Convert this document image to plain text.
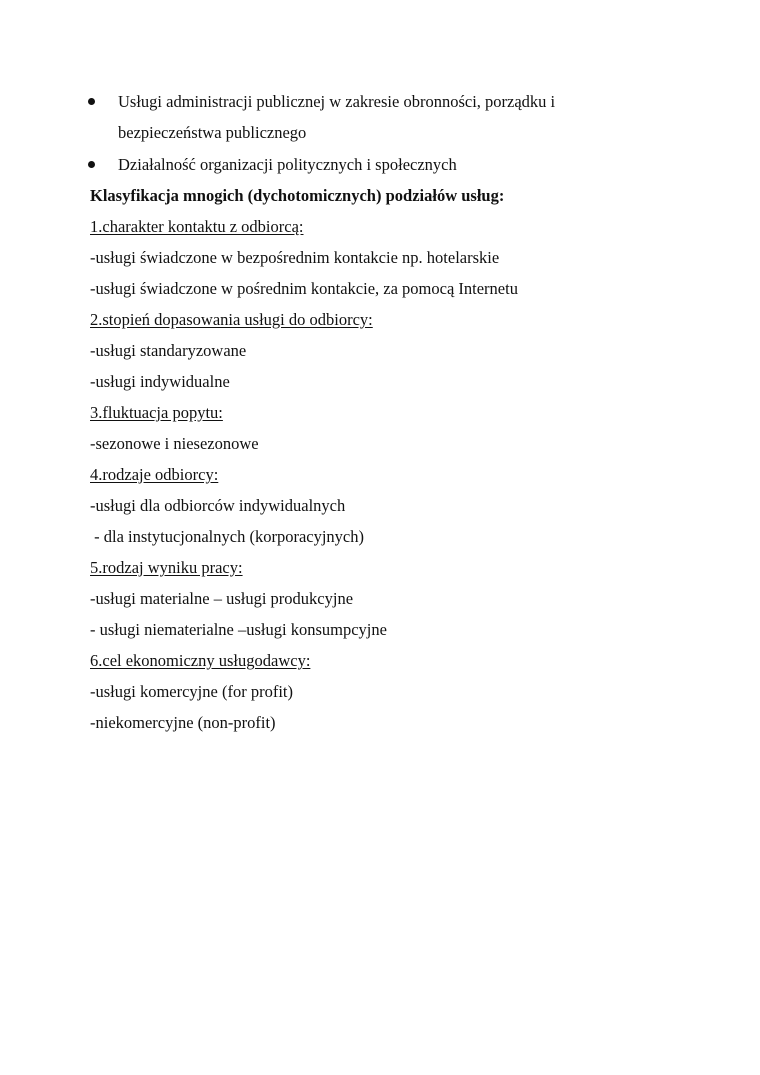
Usługi administracji publicznej w zakresie obronności, porządku i
bezpieczeństwa publicznego
Działalność organizacji politycznych i społecznych
Klasyfikacja mnogich (dychotomicznych) podziałów usług:
1.charakter kontaktu z odbiorcą:
-usługi świadczone w bezpośrednim kontakcie np. hotelarskie
-usługi świadczone w pośrednim kontakcie, za pomocą Internetu
2.stopień dopasowania usługi do odbiorcy:
-usługi standaryzowane
-usługi indywidualne
3.fluktuacja popytu:
-sezonowe i niesezonowe
4.rodzaje odbiorcy:
-usługi dla odbiorców indywidualnych
- dla instytucjonalnych (korporacyjnych)
5.rodzaj wyniku pracy:
-usługi materialne – usługi produkcyjne
- usługi niematerialne –usługi konsumpcyjne
6.cel ekonomiczny usługodawcy:
-usługi komercyjne (for profit)
-niekomercyjne (non-profit)
